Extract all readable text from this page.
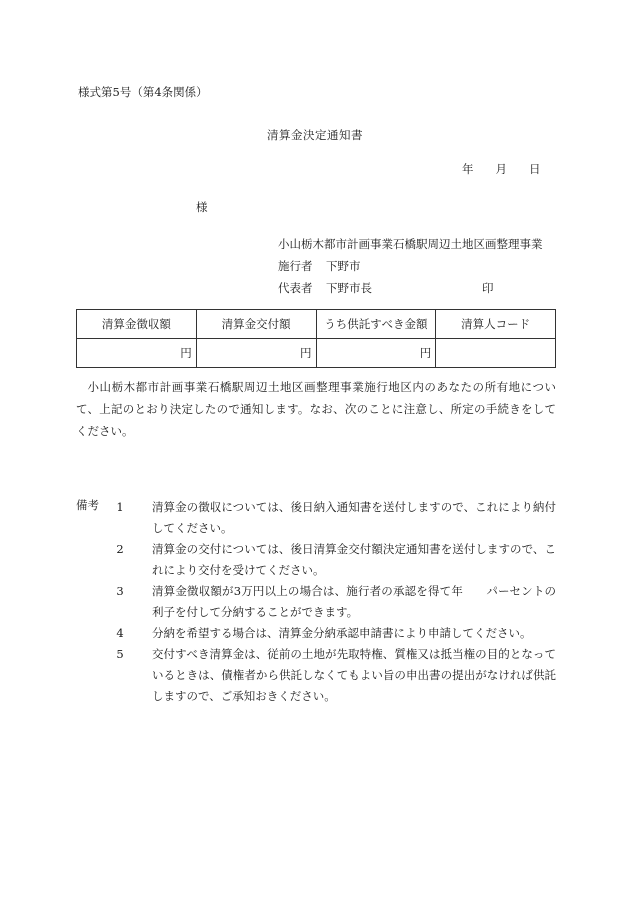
様式第5号（第4条関係）
清算金決定通知書
年 月 日
様
小山栃木都市計画事業石橋駅周辺土地区画整理事業
施行者 下野市
代表者 下野市長	印
清算金徴収額	清算金交付額	うち供託すべき金額	清算人コード
円	円	円	
小山栃木都市計画事業石橋駅周辺土地区画整理事業施行地区内のあなたの所有地について、上記のとおり決定したので通知します。なお、次のことに注意し、所定の手続きをしてください。
備考	1	清算金の徴収については、後日納入通知書を送付しますので、これにより納付してください。
2	清算金の交付については、後日清算金交付額決定通知書を送付しますので、これにより交付を受けてください。
3	清算金徴収額が3万円以上の場合は、施行者の承認を得て年　　パーセントの利子を付して分納することができます。
4	分納を希望する場合は、清算金分納承認申請書により申請してください。
5	交付すべき清算金は、従前の土地が先取特権、質権又は抵当権の目的となっているときは、債権者から供託しなくてもよい旨の申出書の提出がなければ供託しますので、ご承知おきください。
